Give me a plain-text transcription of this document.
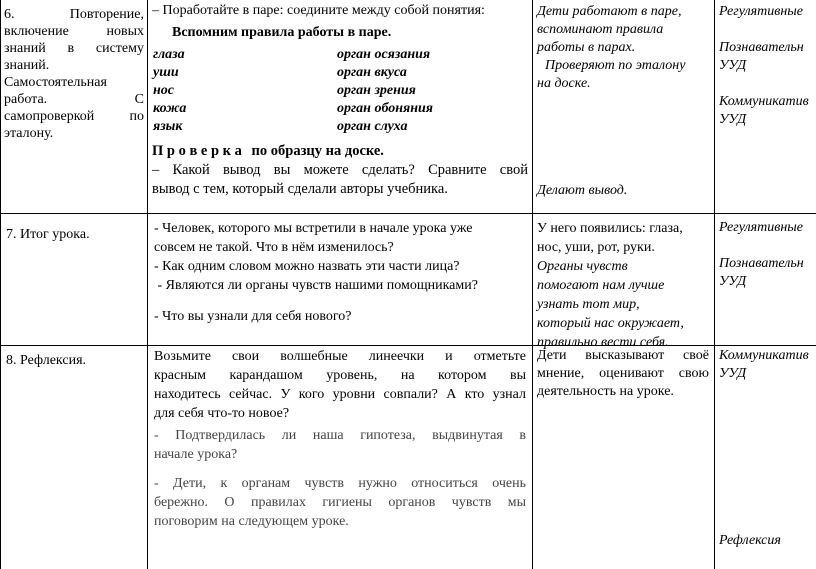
6. Повторение,
включение новых
знаний в систему
знаний.
Самостоятельная
работа. С
самопроверкой по
эталону.
– Поработайте в паре: соедините между собой понятия:
Вспомним правила работы в паре.
глаза
уши
нос
кожа
язык
орган осязания
орган вкуса
орган зрения
орган обоняния
орган слуха
П р о в е р к а по образцу на доске.
– Какой вывод вы можете сделать? Сравните свой
вывод с тем, который сделали авторы учебника.
Дети работают в паре,
вспоминают правила
работы в парах.
Проверяют по эталону
на доске.
Делают вывод.
Регулятивные
Познавательн
УУД
Коммуникатив
УУД
7. Итог урока.	- Человек, которого мы встретили в начале урока уже
совсем не такой. Что в нём изменилось?
- Как одним словом можно назвать эти части лица?
- Являются ли органы чувств нашими помощниками?
- Что вы узнали для себя нового?
У него появились: глаза,
нос, уши, рот, руки.
Органы чувств
помогают нам лучше
узнать тот мир,
который нас окружает,
правильно вести себя.
Регулятивные
Познавательн
УУД
8. Рефлексия.	Возьмите свои волшебные линеечки и отметьте
красным карандашом уровень, на котором вы
находитесь сейчас. У кого уровни совпали? А кто узнал
для себя что-то новое?
- Подтвердилась ли наша гипотеза, выдвинутая в
начале урока?
- Дети, к органам чувств нужно относиться очень
бережно. О правилах гигиены органов чувств мы
поговорим на следующем уроке.
Дети высказывают своё
мнение, оценивают свою
деятельность на уроке.
Коммуникатив
УУД
Рефлексия
